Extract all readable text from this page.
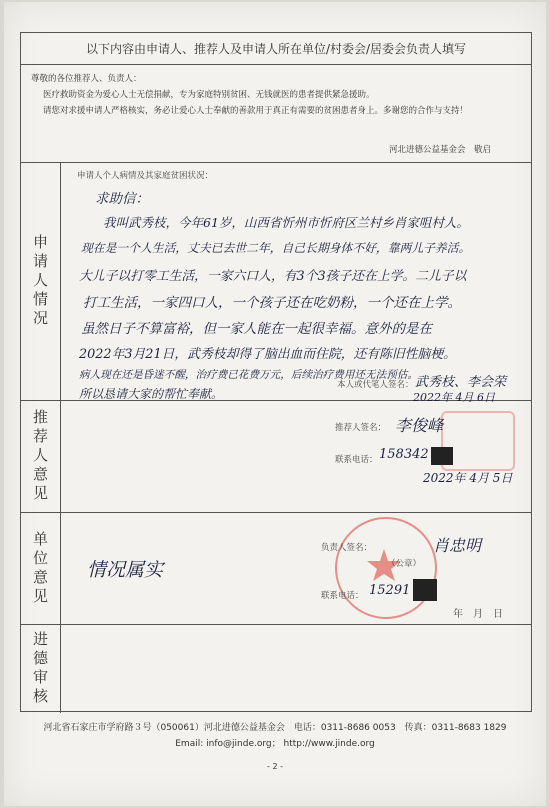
以下内容由申请人、推荐人及申请人所在单位/村委会/居委会负责人填写

尊敬的各位推荐人、负责人：

医疗救助资金为爱心人士无偿捐献，专为家庭特别贫困、无钱就医的患者提供紧急援助。

请您对求援申请人严格核实，务必让爱心人士奉献的善款用于真正有需要的贫困患者身上。多谢您的合作与支持！

河北进德公益基金会　敬启
申请人情况
申请人个人病情及其家庭贫困状况：
求助信：
我叫武秀枝，今年61岁，山西省忻州市忻府区兰村乡肖家咀村人。
现在是一个人生活，丈夫已去世二年，自己长期身体不好，靠两儿子养活。
大儿子以打零工生活，一家六口人，有3个3孩子还在上学。二儿子以
打工生活，一家四口人，一个孩子还在吃奶粉，一个还在上学。
虽然日子不算富裕，但一家人能在一起很幸福。意外的是在
2022年3月21日，武秀枝却得了脑出血而住院，还有陈旧性脑梗。
病人现在还是昏迷不醒，治疗费已花费万元，后续治疗费用还无法预估。
所以恳请大家的帮忙奉献。
本人或代笔人签名： 武秀枝、李会荣
2022年 4月 6日
推荐人意见	推荐人签名： 李俊峰
联系电话： 158342
2022年 4月 5日
单位意见 情况属实
负责人签名：	肖忠明
（公章）
联系电话： 15291
年　月　日
进德审核
河北省石家庄市学府路３号（050061）河北进德公益基金会　电话：0311-8686 0053　传真：0311-8683 1829
Email: info@jinde.org； http://www.jinde.org
- 2 -
